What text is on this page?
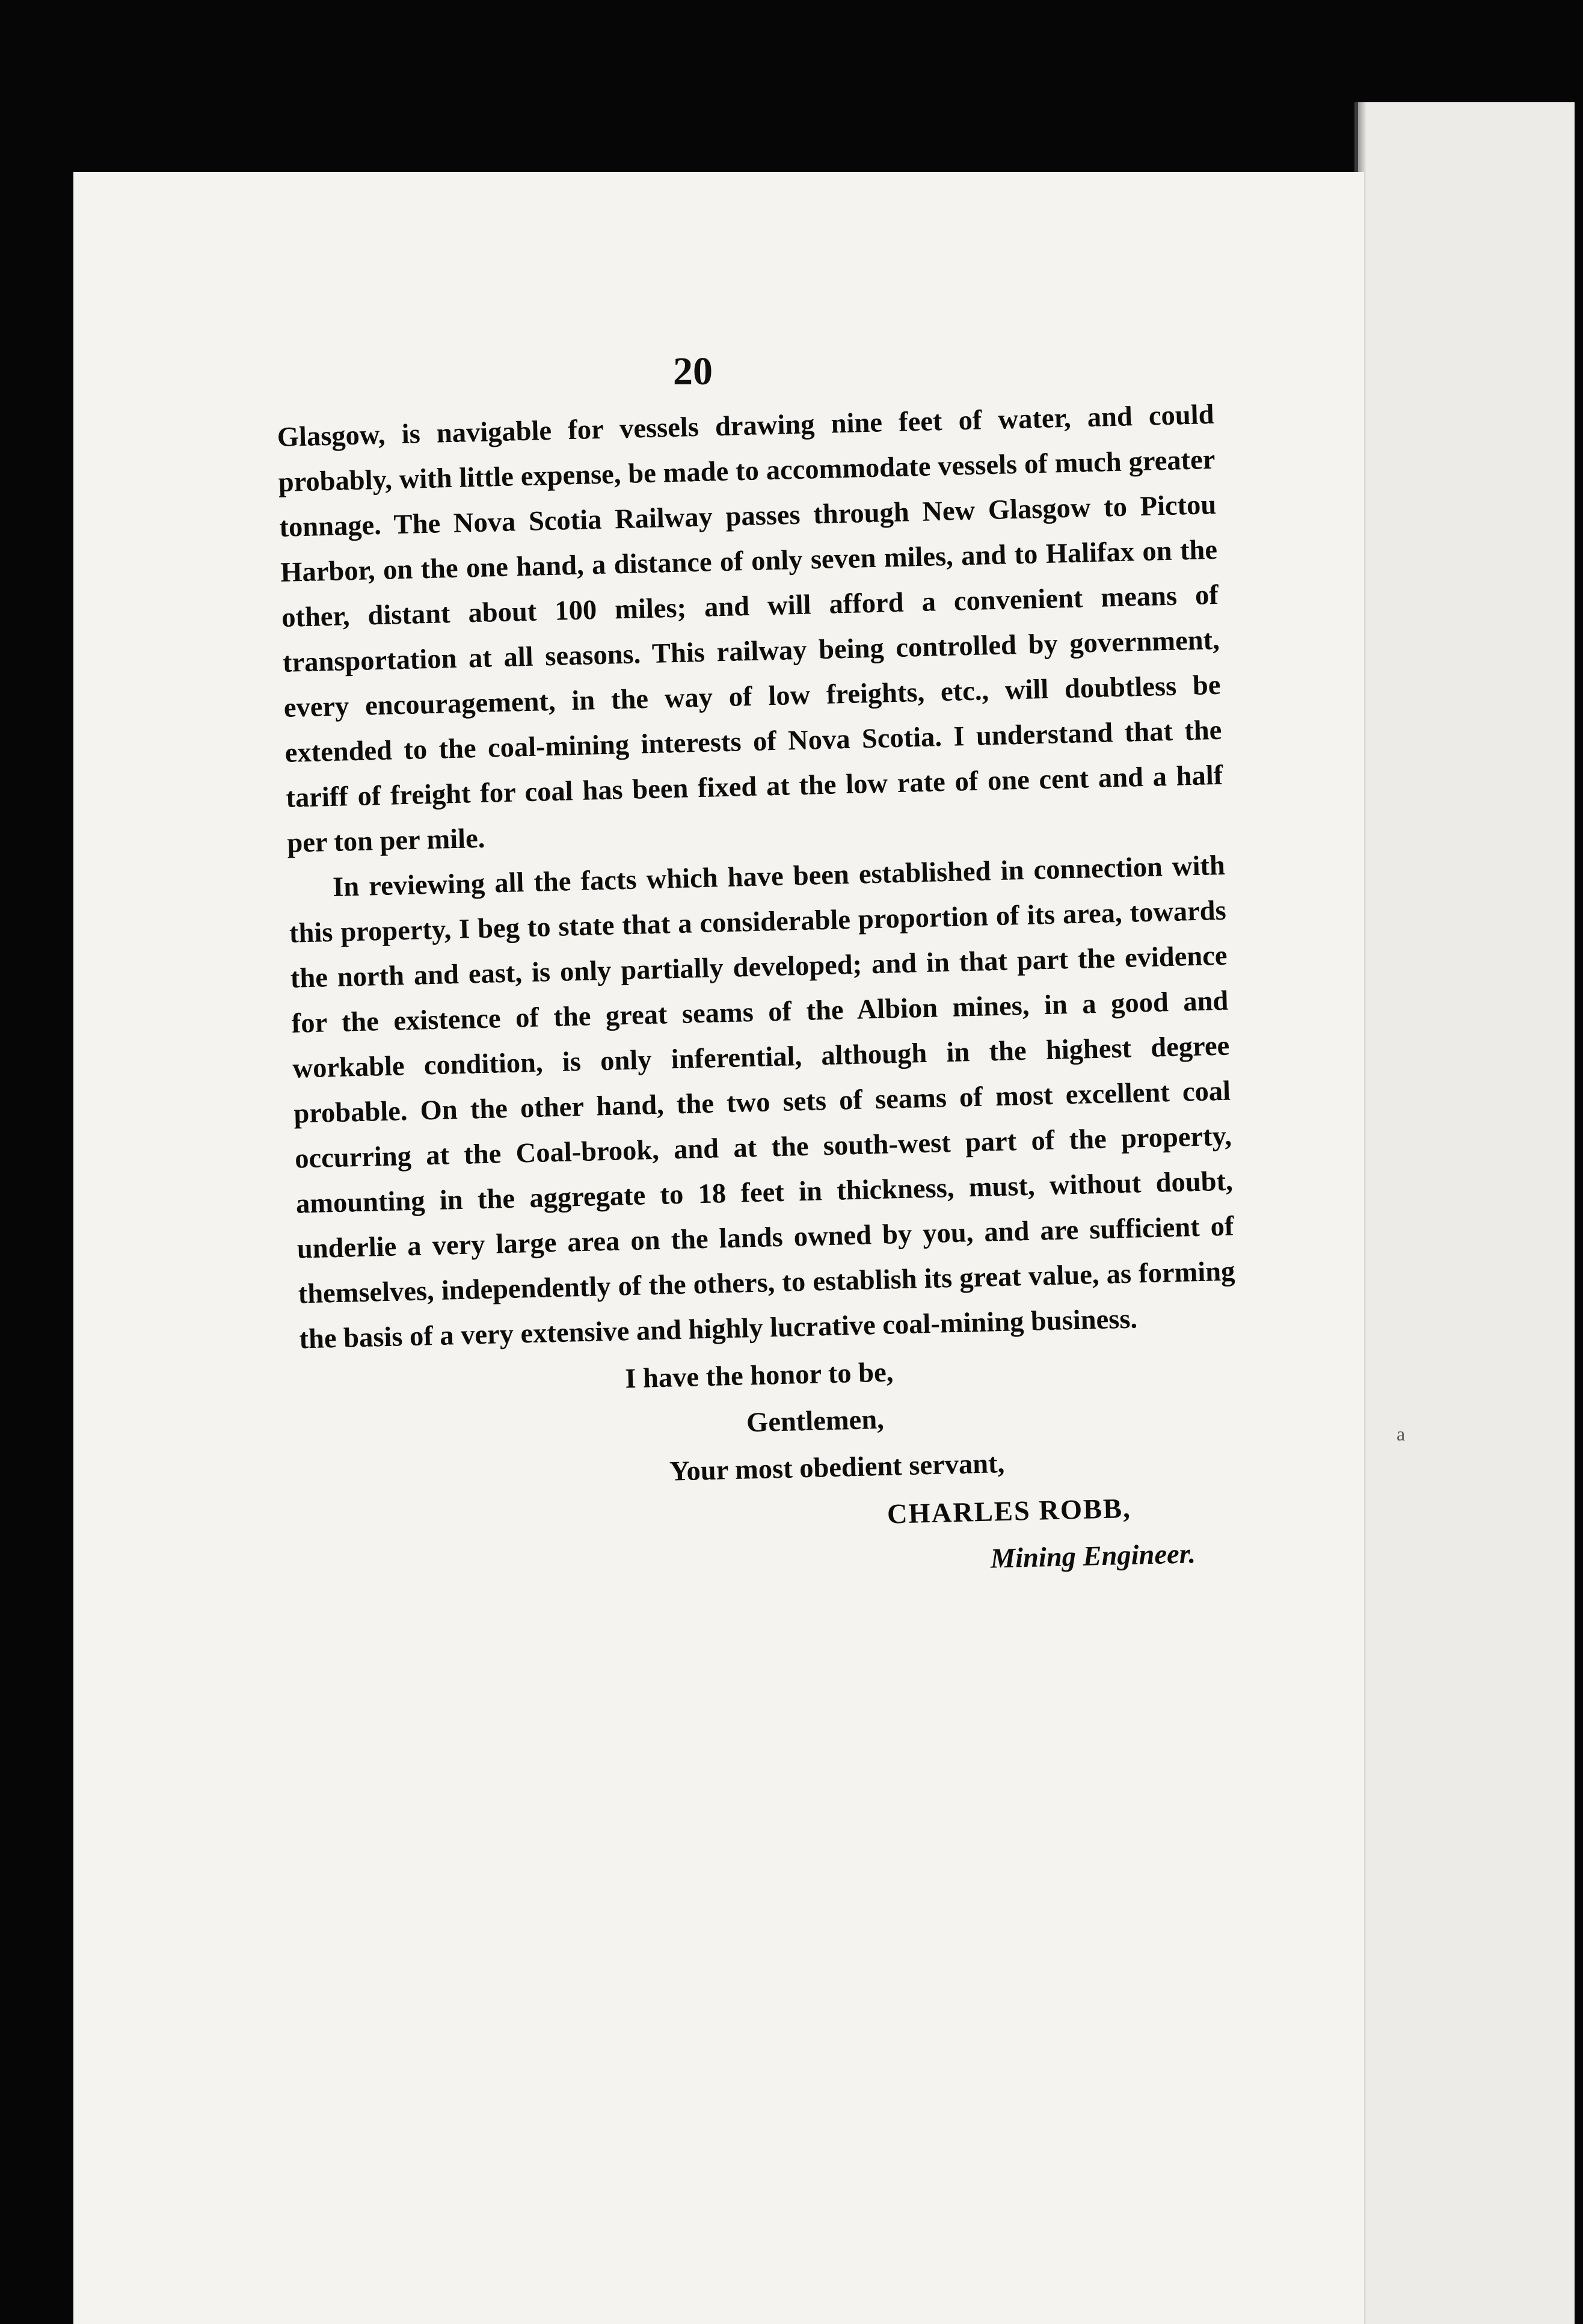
a

20

Glasgow, is navigable for vessels drawing nine feet of water, and could probably, with little expense, be made to accommodate vessels of much greater tonnage. The Nova Scotia Railway passes through New Glasgow to Pictou Harbor, on the one hand, a distance of only seven miles, and to Halifax on the other, distant about 100 miles; and will afford a convenient means of transportation at all seasons. This railway being controlled by government, every encouragement, in the way of low freights, etc., will doubtless be extended to the coal-mining interests of Nova Scotia. I understand that the tariff of freight for coal has been fixed at the low rate of one cent and a half per ton per mile.

In reviewing all the facts which have been established in connection with this property, I beg to state that a considerable proportion of its area, towards the north and east, is only partially developed; and in that part the evidence for the existence of the great seams of the Albion mines, in a good and workable condition, is only inferential, although in the highest degree probable. On the other hand, the two sets of seams of most excellent coal occurring at the Coal-brook, and at the south-west part of the property, amounting in the aggregate to 18 feet in thickness, must, without doubt, underlie a very large area on the lands owned by you, and are sufficient of themselves, independently of the others, to establish its great value, as forming the basis of a very extensive and highly lucrative coal-mining business.

I have the honor to be,
Gentlemen,
Your most obedient servant,
CHARLES ROBB,
Mining Engineer.
